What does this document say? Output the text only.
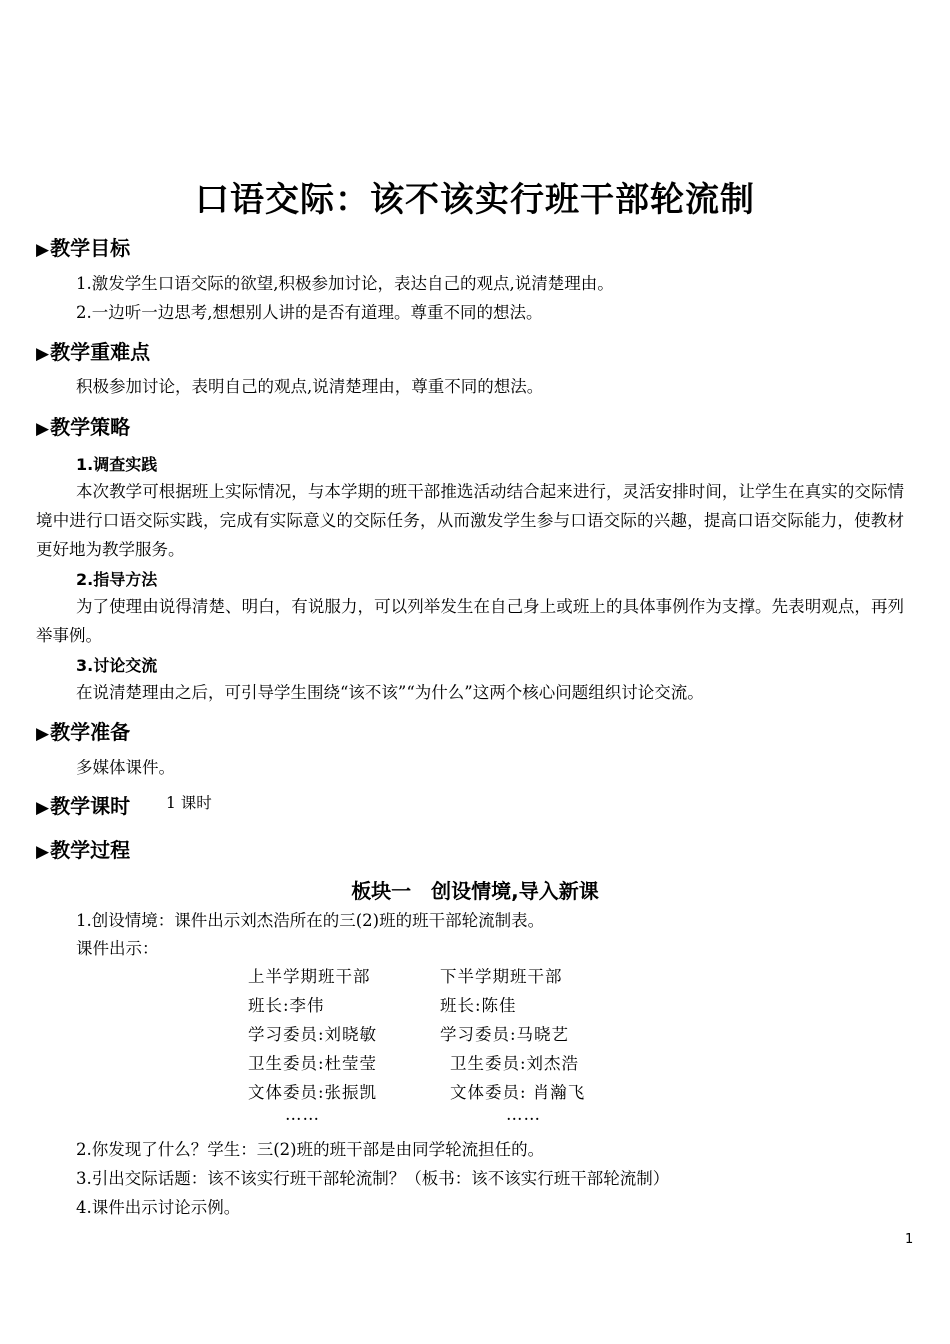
口语交际：该不该实行班干部轮流制
▶教学目标
1.激发学生口语交际的欲望,积极参加讨论，表达自己的观点,说清楚理由。
2.一边听一边思考,想想别人讲的是否有道理。尊重不同的想法。
▶教学重难点
积极参加讨论，表明自己的观点,说清楚理由，尊重不同的想法。
▶教学策略
1.调查实践
本次教学可根据班上实际情况，与本学期的班干部推选活动结合起来进行，灵活安排时间，让学生在真实的交际情境中进行口语交际实践，完成有实际意义的交际任务，从而激发学生参与口语交际的兴趣，提高口语交际能力，使教材更好地为教学服务。
2.指导方法
为了使理由说得清楚、明白，有说服力，可以列举发生在自己身上或班上的具体事例作为支撑。先表明观点，再列举事例。
3.讨论交流
在说清楚理由之后，可引导学生围绕“该不该”“为什么”这两个核心问题组织讨论交流。
▶教学准备
多媒体课件。
▶教学课时 1 课时
▶教学过程
板块一　创设情境,导入新课
1.创设情境：课件出示刘杰浩所在的三(2)班的班干部轮流制表。
课件出示：
上半学期班干部	下半学期班干部
班长:李伟	班长:陈佳
学习委员:刘晓敏	学习委员:马晓艺
卫生委员:杜莹莹	卫生委员:刘杰浩
文体委员:张振凯	文体委员: 肖瀚飞
……	……
2.你发现了什么？学生：三(2)班的班干部是由同学轮流担任的。
3.引出交际话题：该不该实行班干部轮流制？（板书：该不该实行班干部轮流制）
4.课件出示讨论示例。
1
